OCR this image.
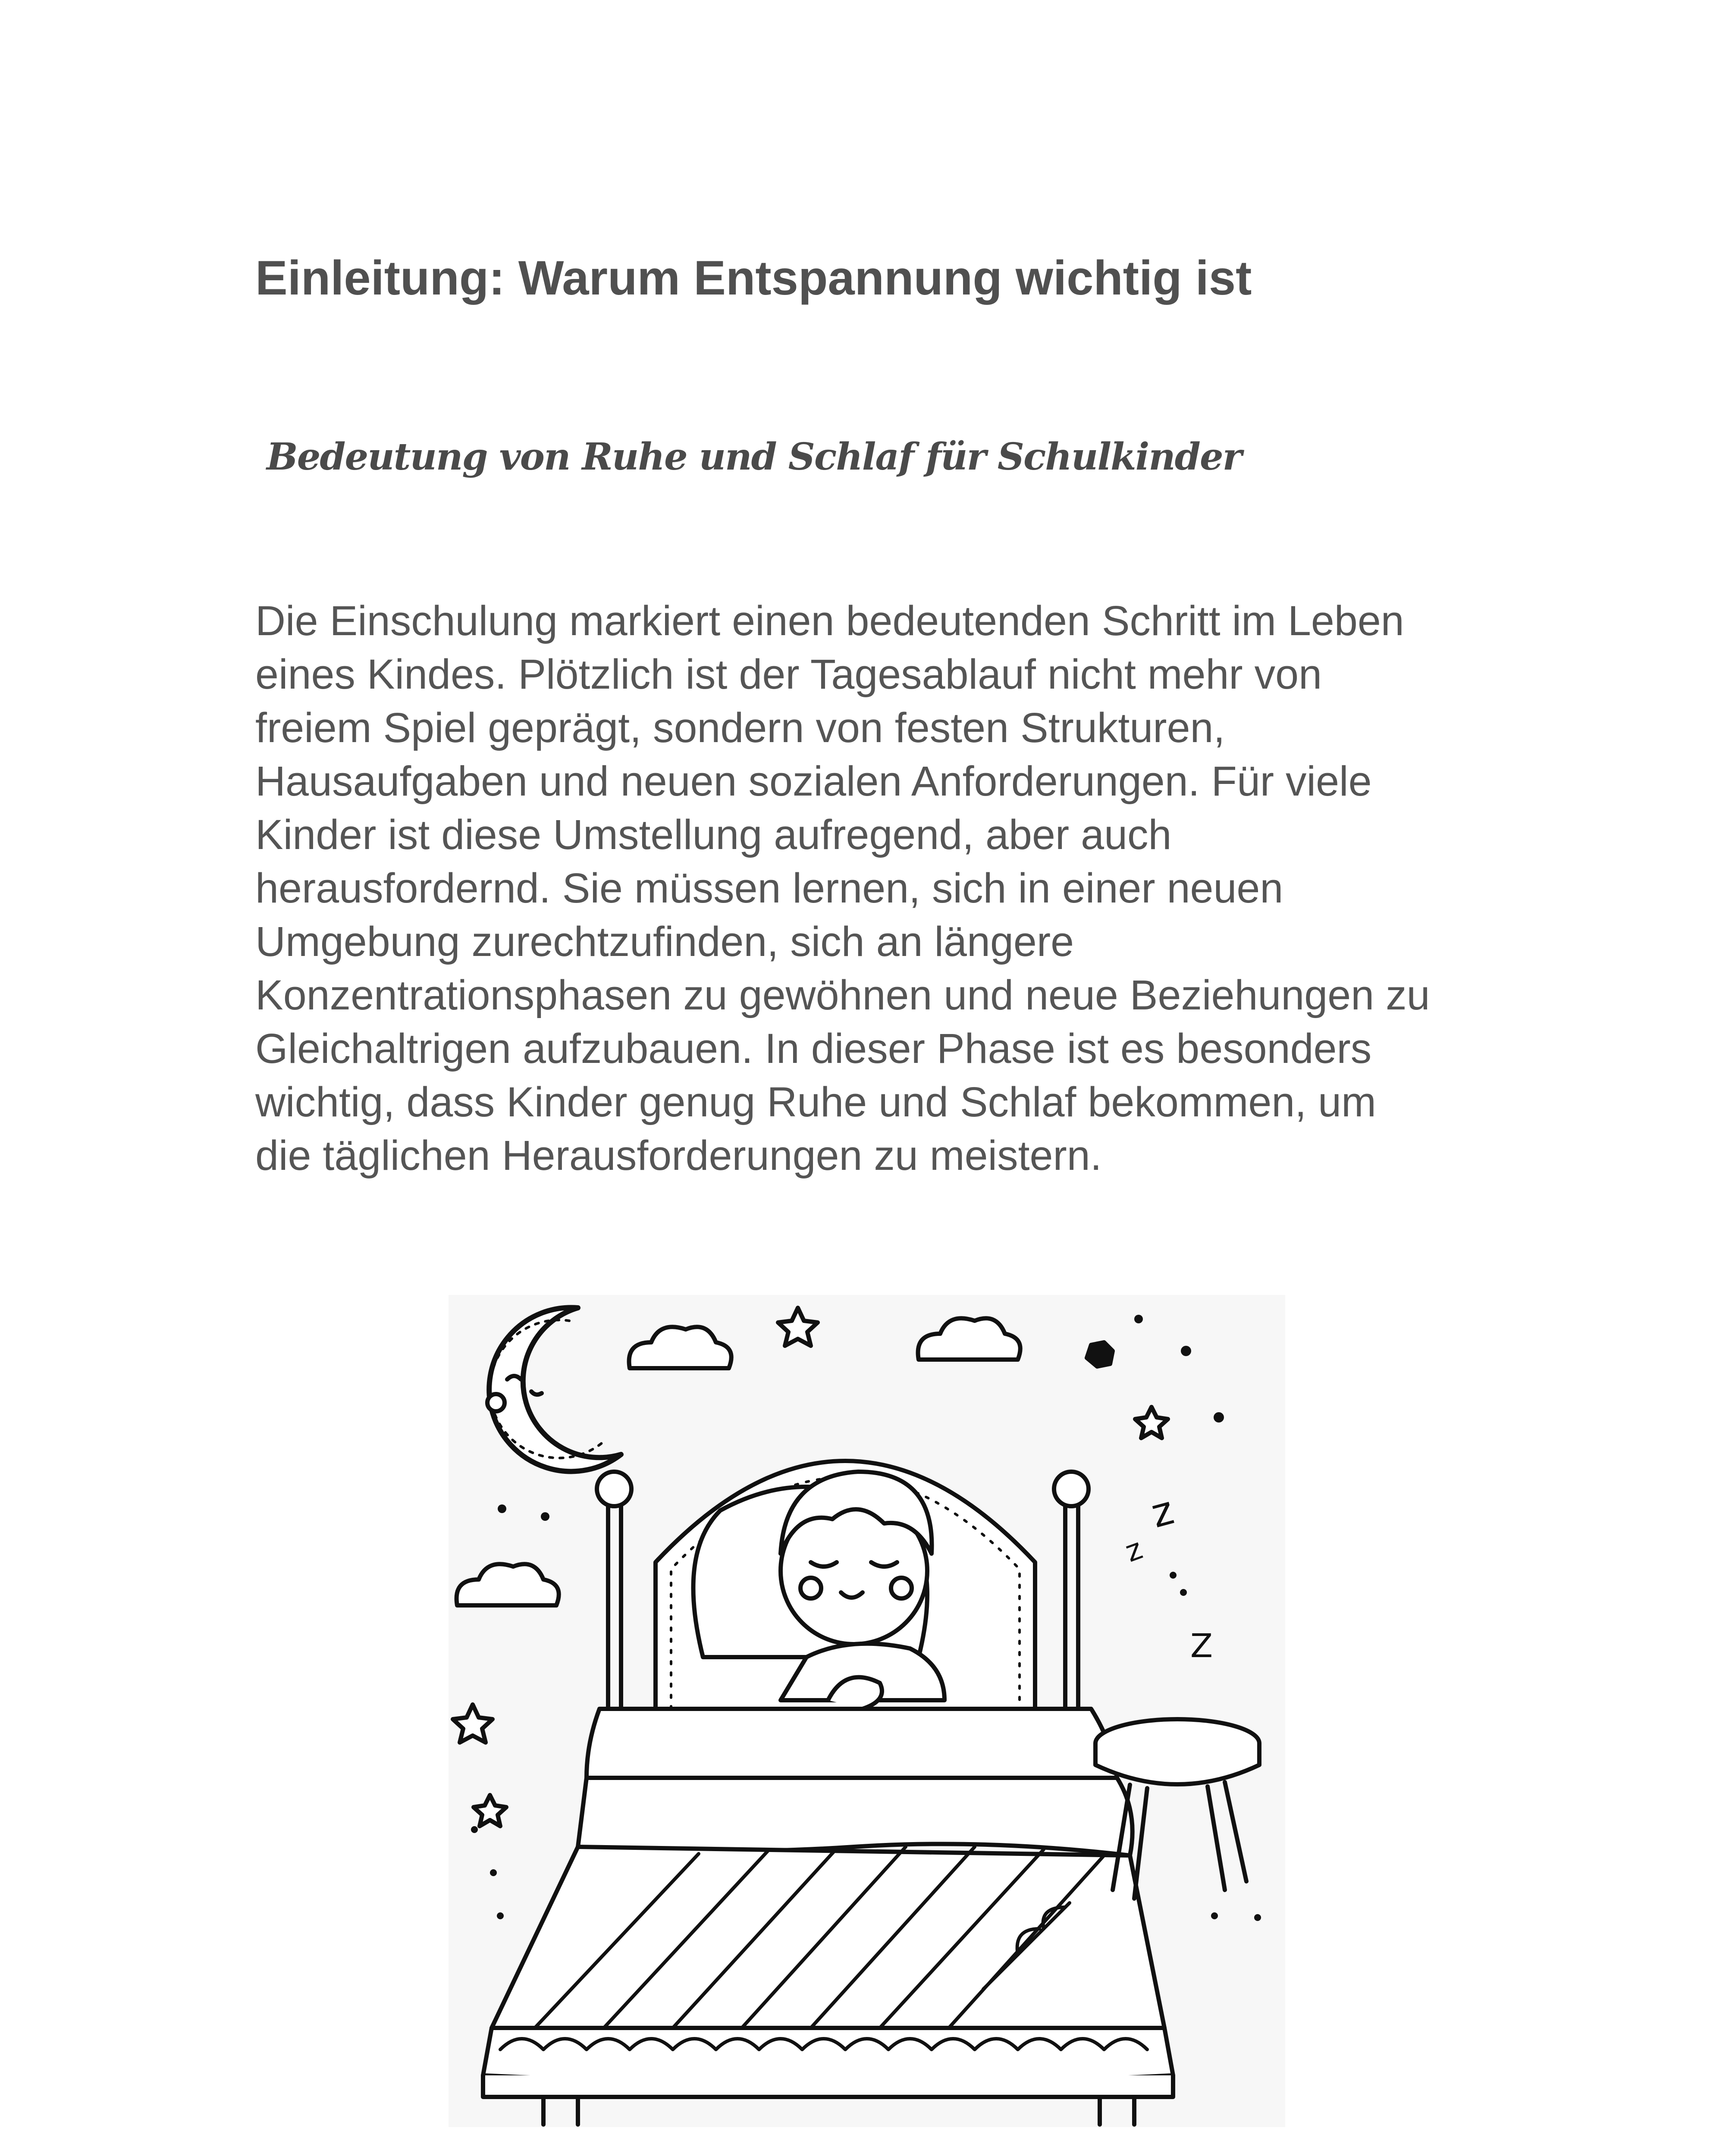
Einleitung: Warum Entspannung wichtig ist
Bedeutung von Ruhe und Schlaf für Schulkinder

Die Einschulung markiert einen bedeutenden Schritt im Leben
eines Kindes. Plötzlich ist der Tagesablauf nicht mehr von
freiem Spiel geprägt, sondern von festen Strukturen,
Hausaufgaben und neuen sozialen Anforderungen. Für viele
Kinder ist diese Umstellung aufregend, aber auch
herausfordernd. Sie müssen lernen, sich in einer neuen
Umgebung zurechtzufinden, sich an längere
Konzentrationsphasen zu gewöhnen und neue Beziehungen zu
Gleichaltrigen aufzubauen. In dieser Phase ist es besonders
wichtig, dass Kinder genug Ruhe und Schlaf bekommen, um
die täglichen Herausforderungen zu meistern.

z
z
Z
